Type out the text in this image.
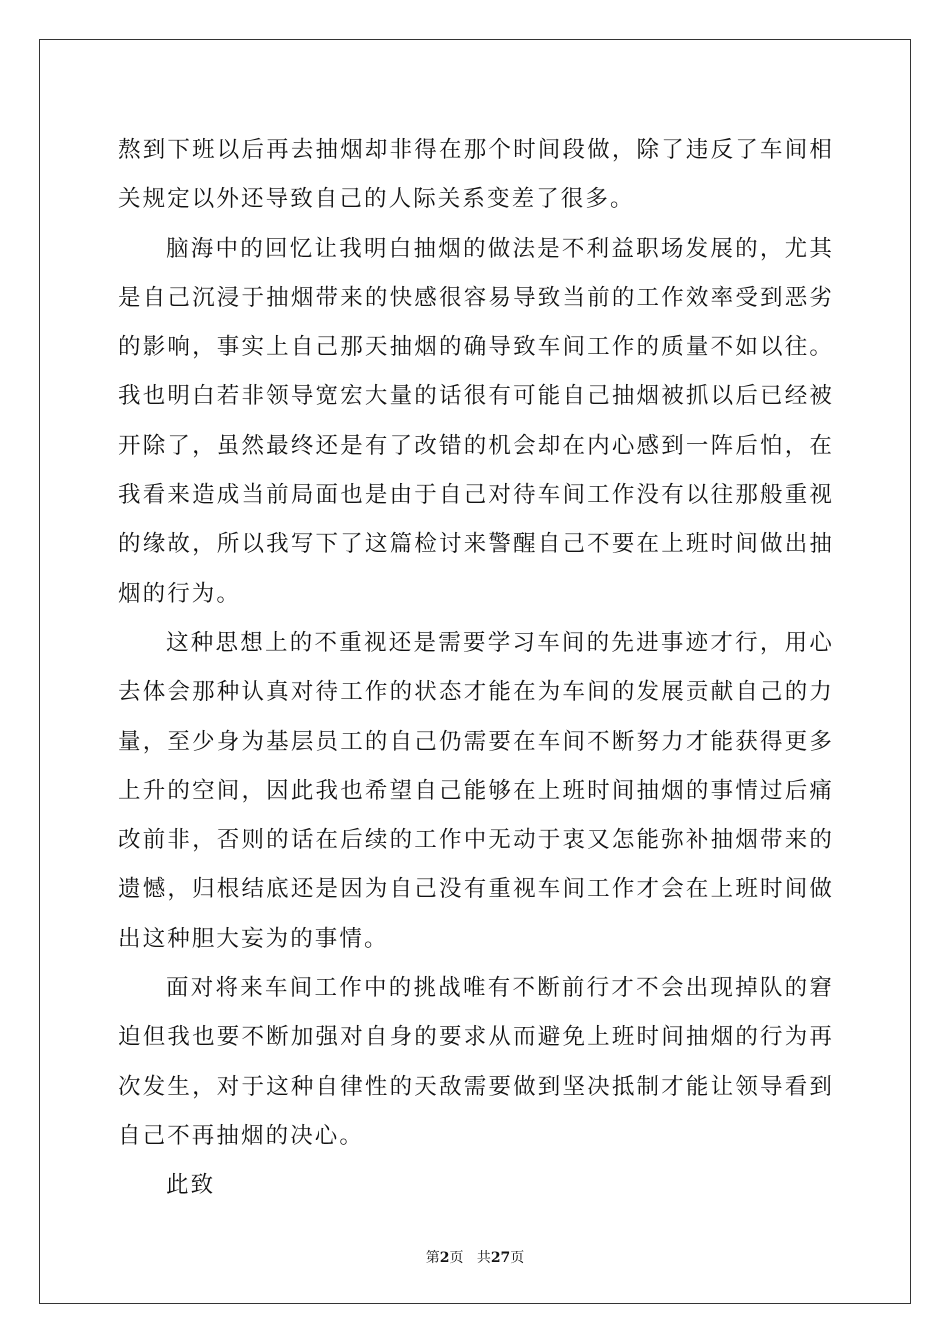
熬到下班以后再去抽烟却非得在那个时间段做，除了违反了车间相关规定以外还导致自己的人际关系变差了很多。

脑海中的回忆让我明白抽烟的做法是不利益职场发展的，尤其是自己沉浸于抽烟带来的快感很容易导致当前的工作效率受到恶劣的影响，事实上自己那天抽烟的确导致车间工作的质量不如以往。我也明白若非领导宽宏大量的话很有可能自己抽烟被抓以后已经被开除了，虽然最终还是有了改错的机会却在内心感到一阵后怕，在我看来造成当前局面也是由于自己对待车间工作没有以往那般重视的缘故，所以我写下了这篇检讨来警醒自己不要在上班时间做出抽烟的行为。

这种思想上的不重视还是需要学习车间的先进事迹才行，用心去体会那种认真对待工作的状态才能在为车间的发展贡献自己的力量，至少身为基层员工的自己仍需要在车间不断努力才能获得更多上升的空间，因此我也希望自己能够在上班时间抽烟的事情过后痛改前非，否则的话在后续的工作中无动于衷又怎能弥补抽烟带来的遗憾，归根结底还是因为自己没有重视车间工作才会在上班时间做出这种胆大妄为的事情。

面对将来车间工作中的挑战唯有不断前行才不会出现掉队的窘迫但我也要不断加强对自身的要求从而避免上班时间抽烟的行为再次发生，对于这种自律性的天敌需要做到坚决抵制才能让领导看到自己不再抽烟的决心。

此致

第2页 共27页
